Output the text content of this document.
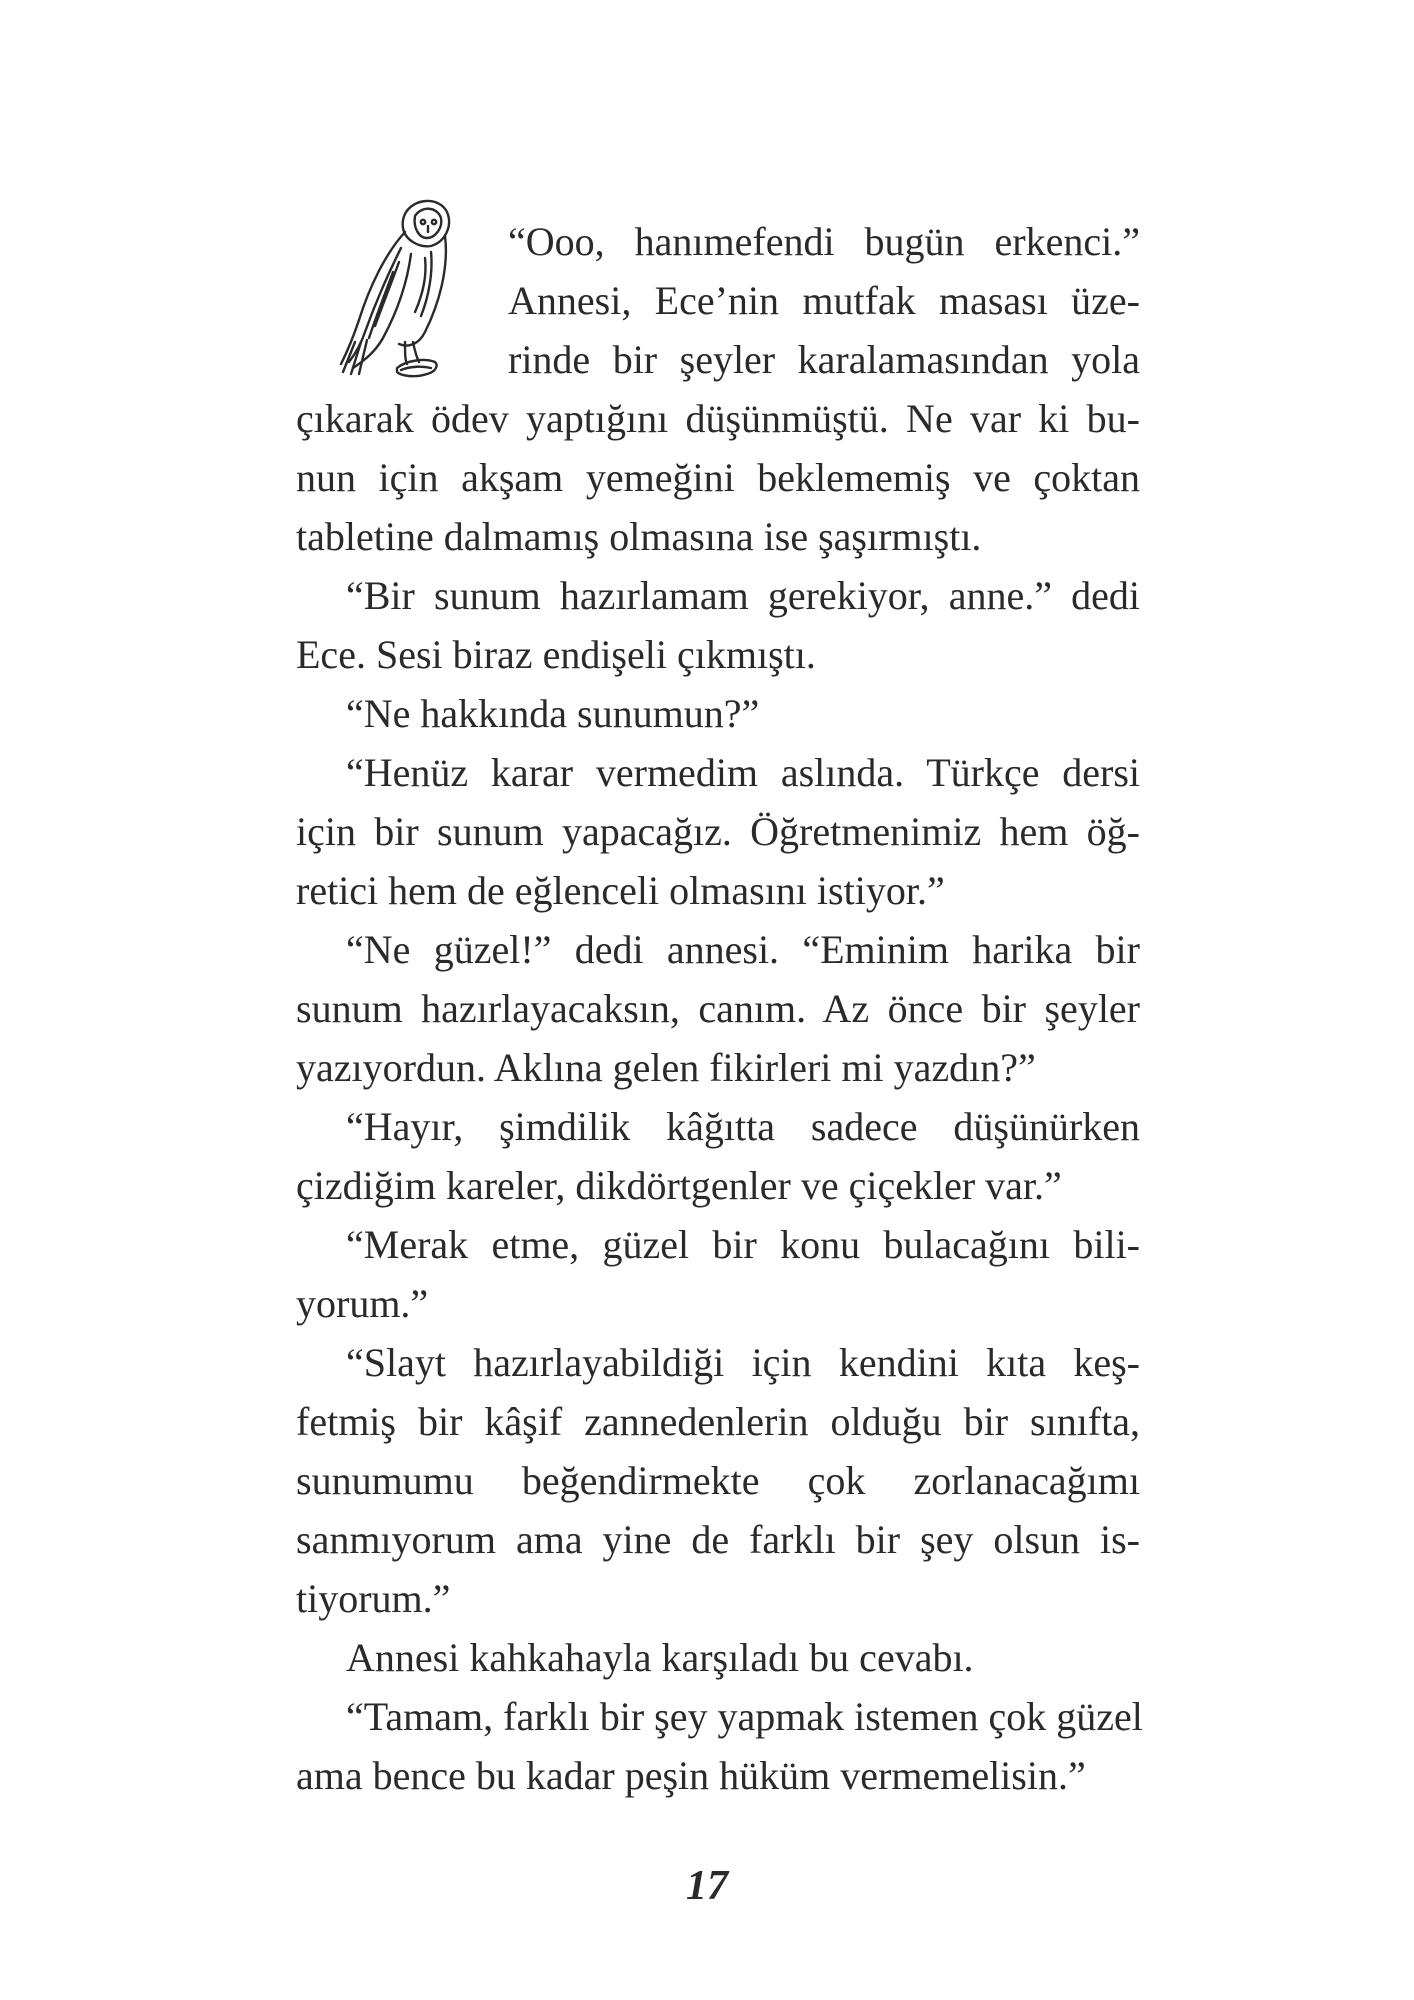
“Ooo, hanımefendi bugün erkenci.”
Annesi, Ece’nin mutfak masası üze-
rinde bir şeyler karalamasından yola
çıkarak ödev yaptığını düşünmüştü. Ne var ki bu-
nun için akşam yemeğini beklememiş ve çoktan
tabletine dalmamış olmasına ise şaşırmıştı.
“Bir sunum hazırlamam gerekiyor, anne.” dedi
Ece. Sesi biraz endişeli çıkmıştı.
“Ne hakkında sunumun?”
“Henüz karar vermedim aslında. Türkçe dersi
için bir sunum yapacağız. Öğretmenimiz hem öğ-
retici hem de eğlenceli olmasını istiyor.”
“Ne güzel!” dedi annesi. “Eminim harika bir
sunum hazırlayacaksın, canım. Az önce bir şeyler
yazıyordun. Aklına gelen fikirleri mi yazdın?”
“Hayır, şimdilik kâğıtta sadece düşünürken
çizdiğim kareler, dikdörtgenler ve çiçekler var.”
“Merak etme, güzel bir konu bulacağını bili-
yorum.”
“Slayt hazırlayabildiği için kendini kıta keş-
fetmiş bir kâşif zannedenlerin olduğu bir sınıfta,
sunumumu beğendirmekte çok zorlanacağımı
sanmıyorum ama yine de farklı bir şey olsun is-
tiyorum.”
Annesi kahkahayla karşıladı bu cevabı.
“Tamam, farklı bir şey yapmak istemen çok güzel
ama bence bu kadar peşin hüküm vermemelisin.”
17
